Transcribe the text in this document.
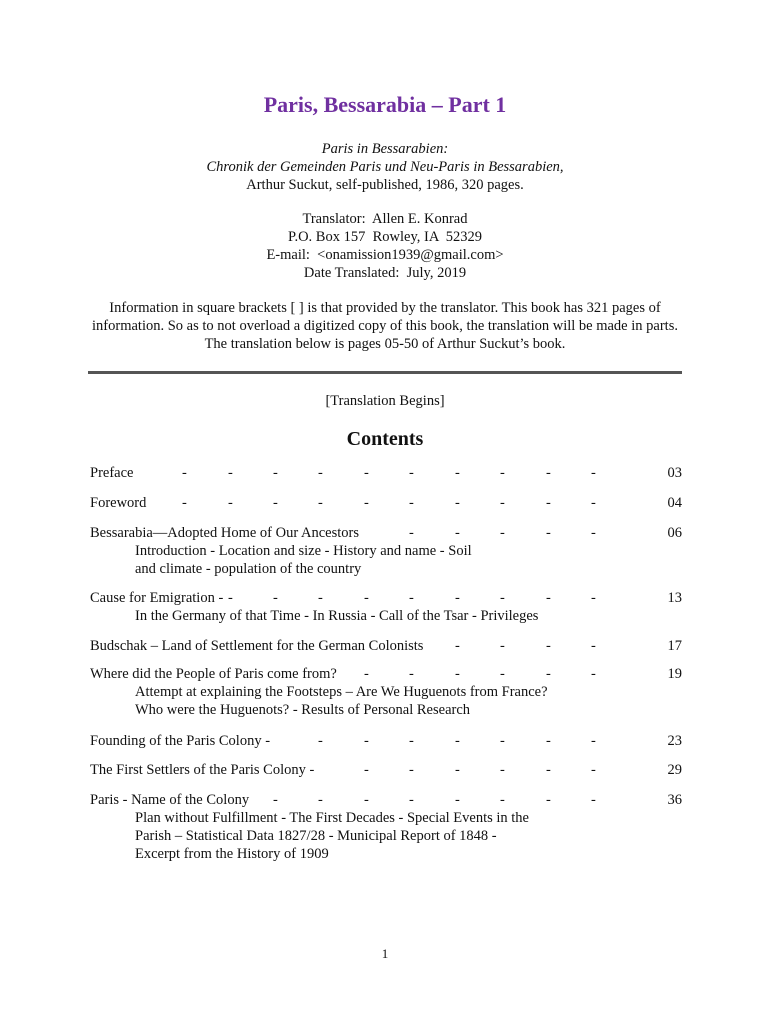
Paris, Bessarabia – Part 1
Paris in Bessarabien:
Chronik der Gemeinden Paris und Neu-Paris in Bessarabien,
Arthur Suckut, self-published, 1986, 320 pages.
Translator:  Allen E. Konrad
P.O. Box 157  Rowley, IA  52329
E-mail:  <onamission1939@gmail.com>
Date Translated:  July, 2019
Information in square brackets [ ] is that provided by the translator. This book has 321 pages of information. So as to not overload a digitized copy of this book, the translation will be made in parts. The translation below is pages 05-50 of Arthur Suckut’s book.
[Translation Begins]
Contents
Preface	-	-	-	-	-	-	-	-	-	-	03
Foreword -	-	-	-	-	-	-	-	-	-	04
Bessarabia—Adopted Home of Our Ancestors	-	-	-	-	-	06
Introduction - Location and size - History and name - Soil
and climate - population of the country
Cause for Emigration - -	-	-	-	-	-	-	-	-	13
In the Germany of that Time - In Russia - Call of the Tsar - Privileges
Budschak – Land of Settlement for the German Colonists -	-	-	-	17
Where did the People of Paris come from? -	-	-	-	-	-	19
Attempt at explaining the Footsteps – Are We Huguenots from France?
Who were the Huguenots? - Results of Personal Research
Founding of the Paris Colony -	-	-	-	-	-	-	-	23
The First Settlers of the Paris Colony -	-	-	-	-	-	-	29
Paris - Name of the Colony -	-	-	-	-	-	-	-	36
Plan without Fulfillment - The First Decades - Special Events in the
Parish – Statistical Data 1827/28 - Municipal Report of 1848 -
Excerpt from the History of 1909
1
